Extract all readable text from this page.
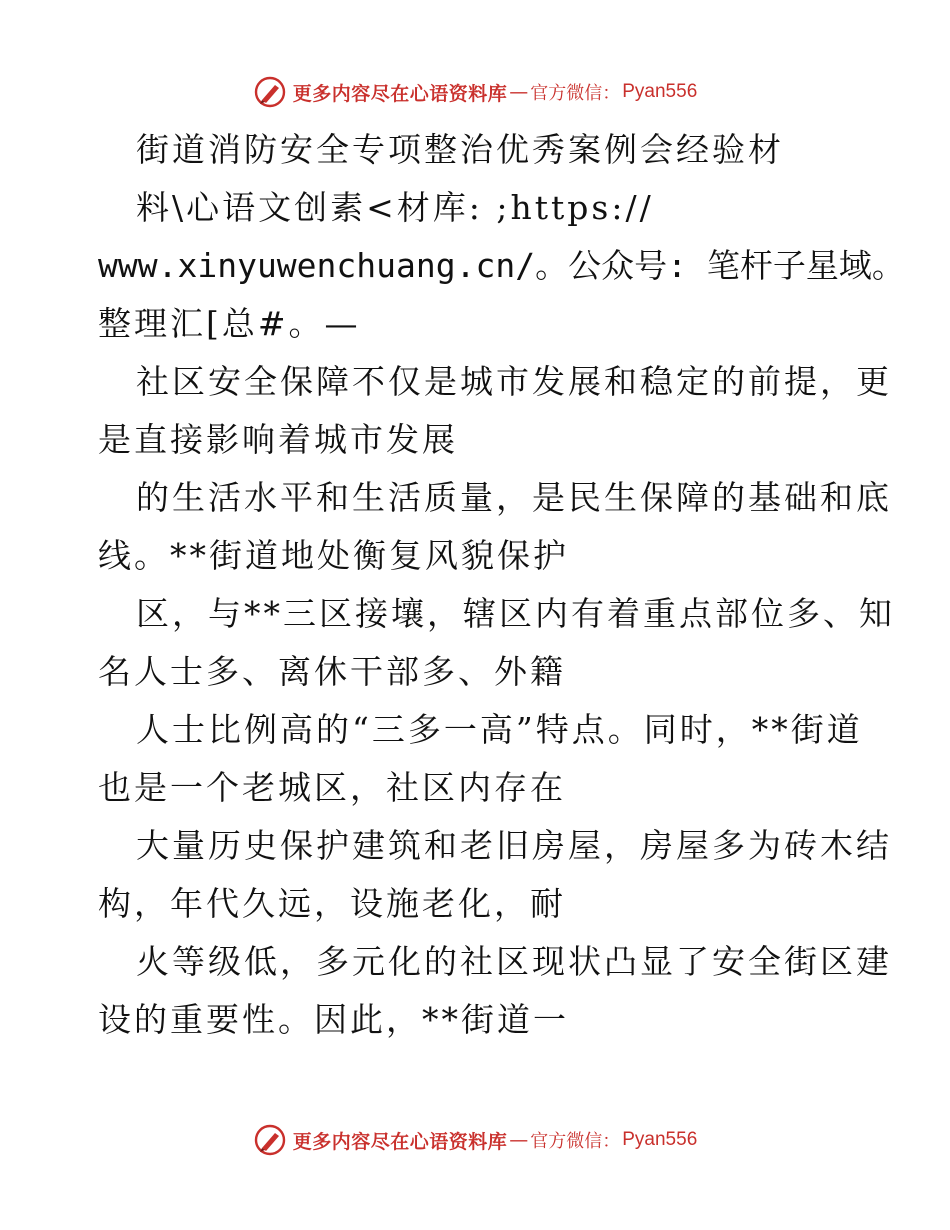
更多内容尽在心语资料库 — 官方微信： Pyan556
街道消防安全专项整治优秀案例会经验材
料\心语文创素<材库: ;https://
www.xinyuwenchuang.cn/。公众号: 笔杆子星域。
整理汇[总#。—
社区安全保障不仅是城市发展和稳定的前提，更
是直接影响着城市发展
的生活水平和生活质量，是民生保障的基础和底
线。**街道地处衡复风貌保护
区，与**三区接壤，辖区内有着重点部位多、知
名人士多、离休干部多、外籍
人士比例高的“三多一高”特点。同时，**街道
也是一个老城区，社区内存在
大量历史保护建筑和老旧房屋，房屋多为砖木结
构，年代久远，设施老化，耐
火等级低，多元化的社区现状凸显了安全街区建
设的重要性。因此，**街道一
更多内容尽在心语资料库 — 官方微信： Pyan556
